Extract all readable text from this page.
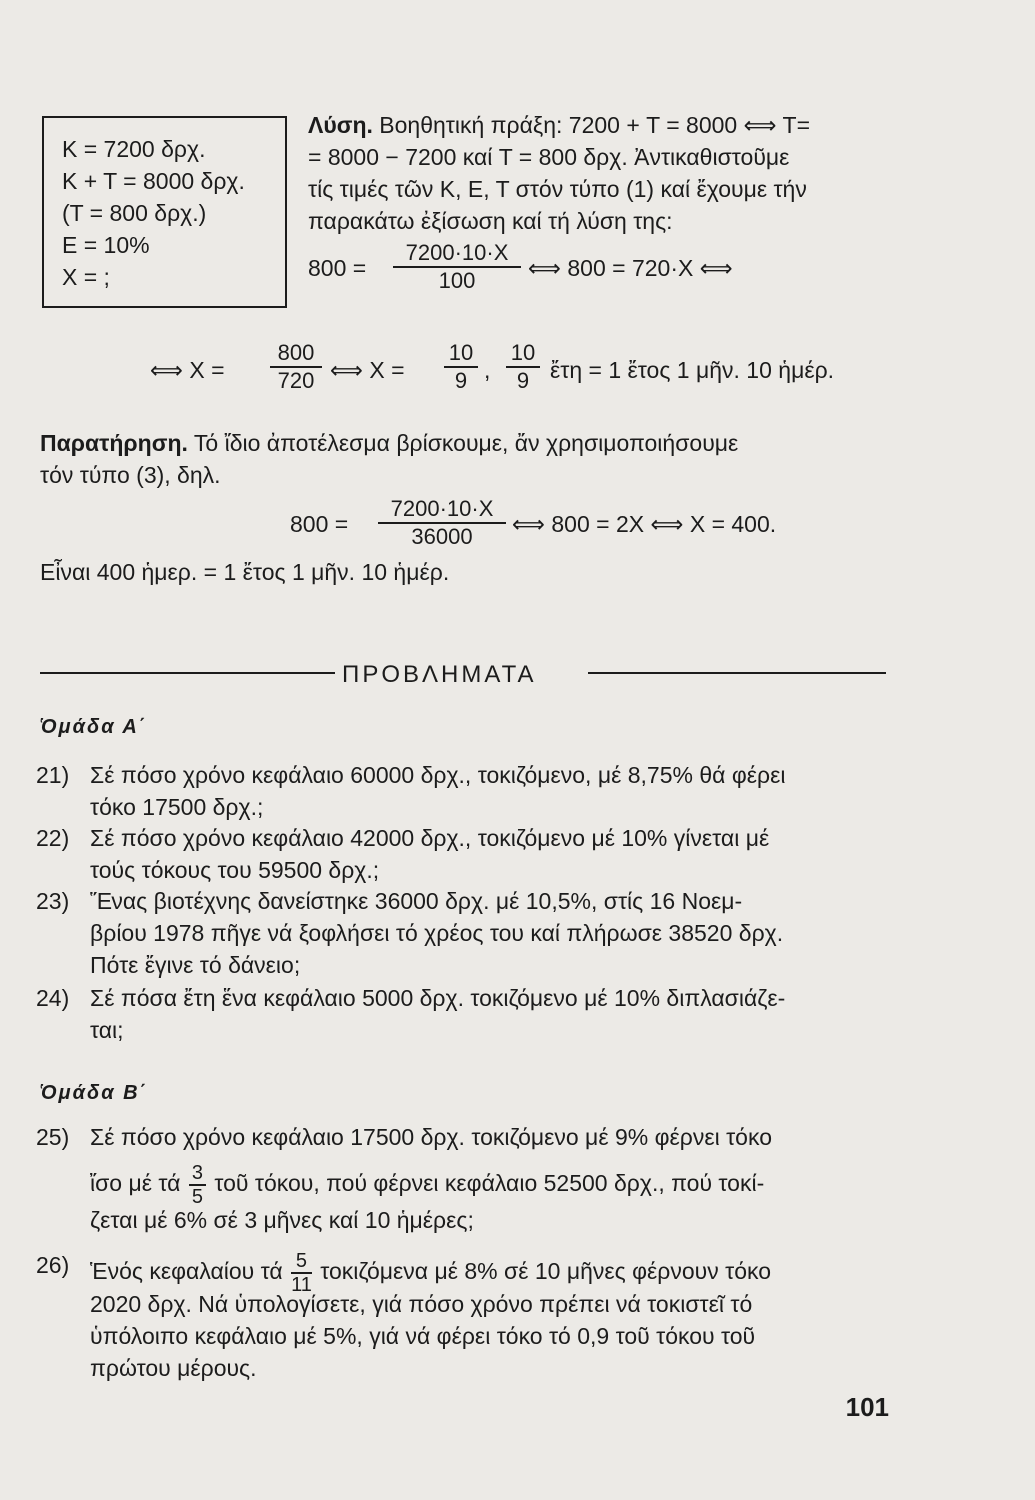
K = 7200 δρχ.
K + T = 8000 δρχ.
(T = 800 δρχ.)
E = 10%
X = ;
Λύση. Βοηθητική πράξη: 7200 + T = 8000 ⟺ T=
= 8000 − 7200 καί T = 800 δρχ. Ἀντικαθιστοῦμε
τίς τιμές τῶν K, E, T στόν τύπο (1) καί ἔχουμε τήν
παρακάτω ἐξίσωση καί τή λύση της:
$800 = \frac{7200\cdot 10\cdot X}{100}$ ⟺ 800 = 720·X ⟺
⟺ $X = \frac{800}{720}$ ⟺ $X = \frac{10}{9}$ , $\frac{10}{9}$ ἔτη = 1 ἔτος 1 μῆν. 10 ἡμέρ.
Παρατήρηση. Τό ἴδιο ἀποτέλεσμα βρίσκουμε, ἄν χρησιμοποιήσουμε
τόν τύπο (3), δηλ.
$800 = \frac{7200\cdot 10\cdot X}{36000}$ ⟺ 800 = 2X ⟺ X = 400.
Εἶναι 400 ἡμερ. = 1 ἔτος 1 μῆν. 10 ἡμέρ.
ΠΡΟΒΛΗΜΑΤΑ
Ὁμάδα Α΄
21) Σέ πόσο χρόνο κεφάλαιο 60000 δρχ., τοκιζόμενο, μέ 8,75% θά φέρει
τόκο 17500 δρχ.;
22) Σέ πόσο χρόνο κεφάλαιο 42000 δρχ., τοκιζόμενο μέ 10% γίνεται μέ
τούς τόκους του 59500 δρχ.;
23) Ἕνας βιοτέχνης δανείστηκε 36000 δρχ. μέ 10,5%, στίς 16 Νοεμ-
βρίου 1978 πῆγε νά ξοφλήσει τό χρέος του καί πλήρωσε 38520 δρχ.
Πότε ἔγινε τό δάνειο;
24) Σέ πόσα ἔτη ἕνα κεφάλαιο 5000 δρχ. τοκιζόμενο μέ 10% διπλασιάζε-
ται;
Ὁμάδα Β΄
25) Σέ πόσο χρόνο κεφάλαιο 17500 δρχ. τοκιζόμενο μέ 9% φέρνει τόκο
ἴσο μέ τά $\frac{3}{5}$ τοῦ τόκου, πού φέρνει κεφάλαιο 52500 δρχ., πού τοκί-
ζεται μέ 6% σέ 3 μῆνες καί 10 ἡμέρες;
26) Ἑνός κεφαλαίου τά $\frac{5}{11}$ τοκιζόμενα μέ 8% σέ 10 μῆνες φέρνουν τόκο
2020 δρχ. Νά ὑπολογίσετε, γιά πόσο χρόνο πρέπει νά τοκιστεῖ τό
ὑπόλοιπο κεφάλαιο μέ 5%, γιά νά φέρει τόκο τό 0,9 τοῦ τόκου τοῦ
πρώτου μέρους.
101
